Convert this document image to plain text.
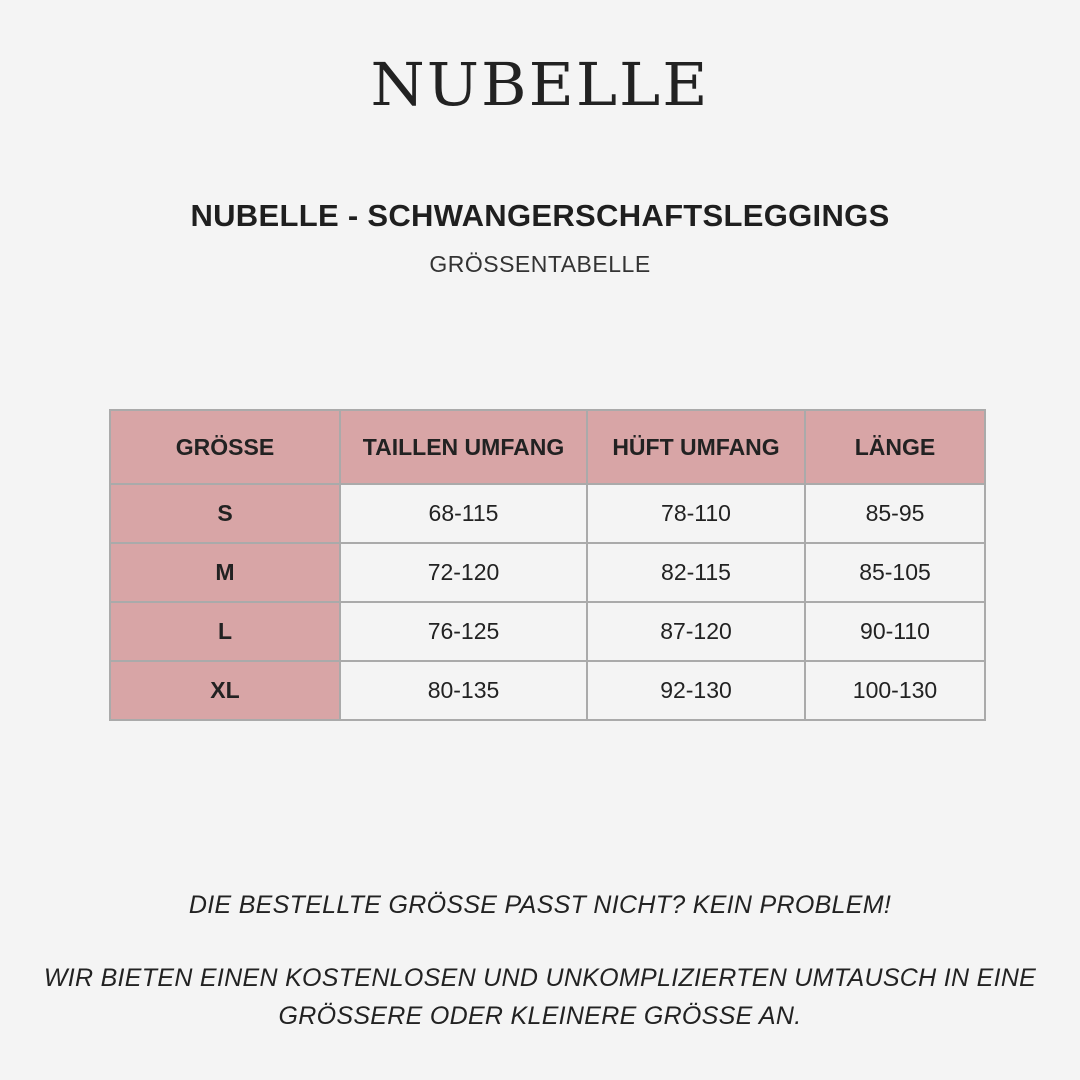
NUBELLE
NUBELLE - SCHWANGERSCHAFTSLEGGINGS
GRÖSSENTABELLE
GRÖSSE	TAILLEN UMFANG	HÜFT UMFANG	LÄNGE
S	68-115	78-110	85-95
M	72-120	82-115	85-105
L	76-125	87-120	90-110
XL	80-135	92-130	100-130
DIE BESTELLTE GRÖSSE PASST NICHT? KEIN PROBLEM!
WIR BIETEN EINEN KOSTENLOSEN UND UNKOMPLIZIERTEN UMTAUSCH IN EINE
GRÖSSERE ODER KLEINERE GRÖSSE AN.
